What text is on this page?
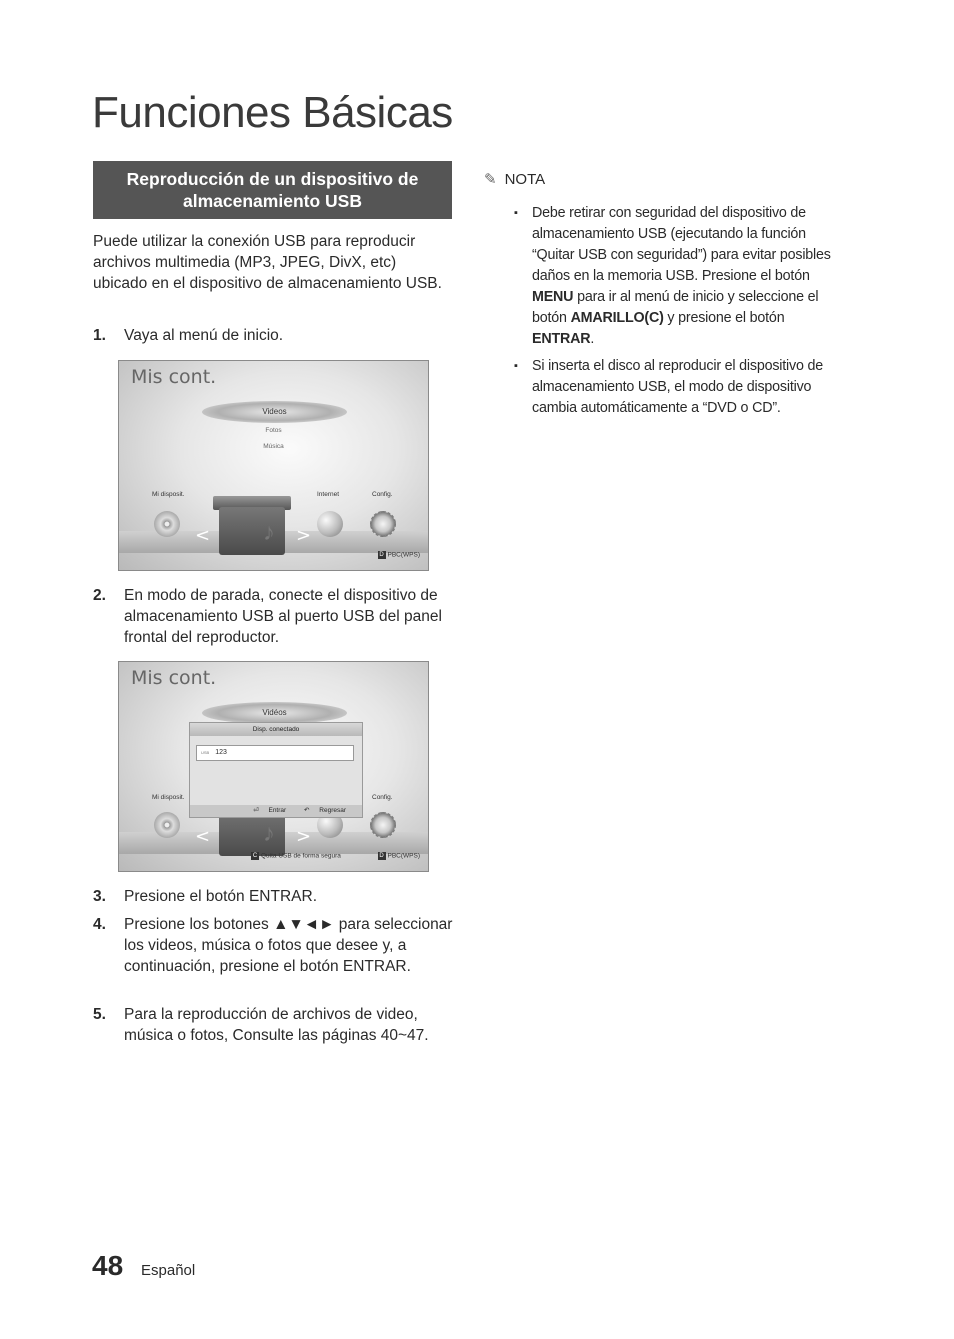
Funciones Básicas
Reproducción de un dispositivo de
almacenamiento USB

Puede utilizar la conexión USB para reproducir archivos multimedia (MP3, JPEG, DivX, etc) ubicado en el dispositivo de almacenamiento USB.

1. Vaya al menú de inicio.
Mis cont.
Videos
Fotos
Música
Mi disposit.	Internet	Config.
<	>
♪
D PBC(WPS)
2. En modo de parada, conecte el dispositivo de almacenamiento USB al puerto USB del panel frontal del reproductor.
Mis cont.
Vidéos
Mi disposit.	Config.
<	>
♪
Disp. conectado
USB 123
⏎ Entrar	↶ Regresar
C Quita USB de forma segura	D PBC(WPS)
3. Presione el botón ENTRAR.
4. Presione los botones ▲▼◄► para seleccionar los videos, música o fotos que desee y, a continuación, presione el botón ENTRAR.
5. Para la reproducción de archivos de video, música o fotos, Consulte las páginas 40~47.
✎ NOTA
▪ Debe retirar con seguridad del dispositivo de almacenamiento USB (ejecutando la función “Quitar USB con seguridad”) para evitar posibles daños en la memoria USB. Presione el botón MENU para ir al menú de inicio y seleccione el botón AMARILLO(C) y presione el botón ENTRAR.
▪ Si inserta el disco al reproducir el dispositivo de almacenamiento USB, el modo de dispositivo cambia automáticamente a “DVD o CD”.
48 Español
